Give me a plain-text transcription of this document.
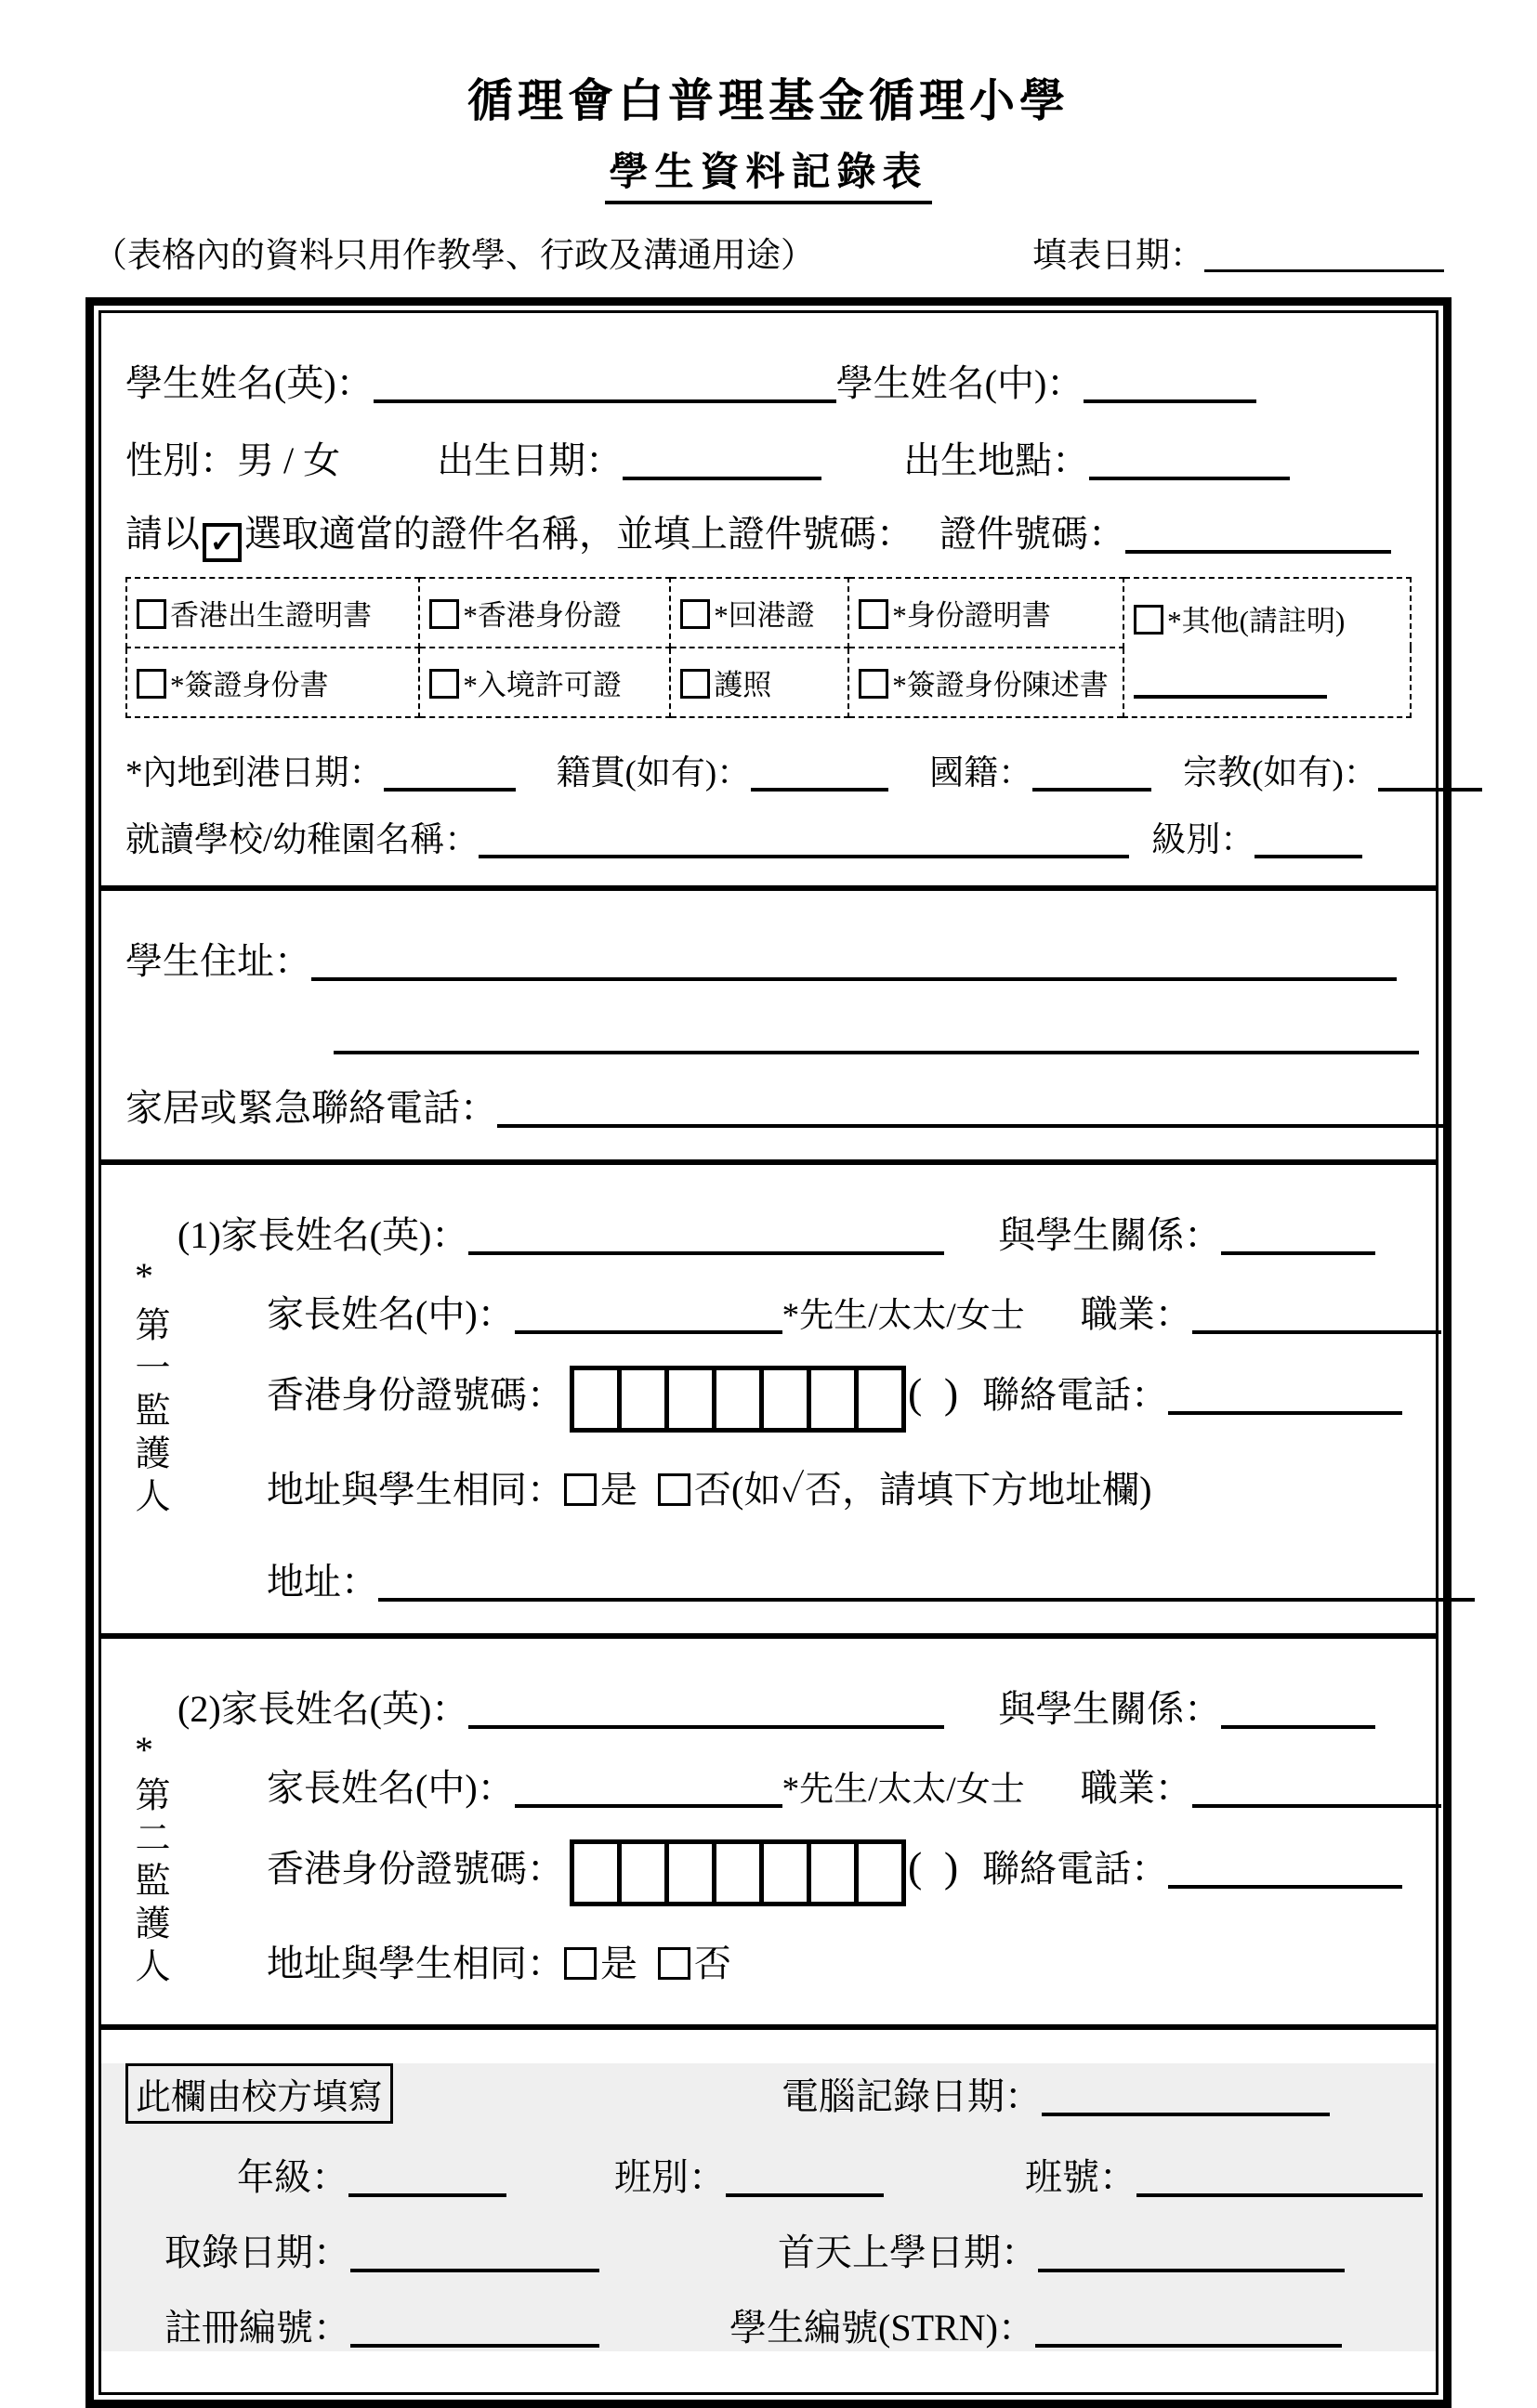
循理會白普理基金循理小學
學生資料記錄表
填表日期：
（表格內的資料只用作教學、行政及溝通用途）
學生姓名(英)：	學生姓名(中)：
性別：男 / 女	出生日期：	出生地點：
請以 ✓ 選取適當的證件名稱，並填上證件號碼： 證件號碼：
香港出生證明書	*香港身份證	*回港證	*身份證明書	*其他(請註明)

*簽證身份書	*入境許可證	護照	*簽證身份陳述書	
*內地到港日期：	籍貫(如有)：	國籍：	宗教(如有)：
就讀學校/幼稚園名稱：	級別：
學生住址：
家居或緊急聯絡電話：
*
第一監護人
(1)家長姓名(英)：	與學生關係：
家長姓名(中)：	*先生/太太/女士 職業：
香港身份證號碼：	( ) 聯絡電話：
地址與學生相同： 是 否(如✓否，請填下方地址欄)
地址：
*
第二監護人
(2)家長姓名(英)：	與學生關係：
家長姓名(中)：	*先生/太太/女士 職業：
香港身份證號碼：	( ) 聯絡電話：
地址與學生相同： 是 否
此欄由校方填寫	電腦記錄日期：
年級：	班別：	班號：
取錄日期：	首天上學日期：
註冊編號：	學生編號(STRN)：
